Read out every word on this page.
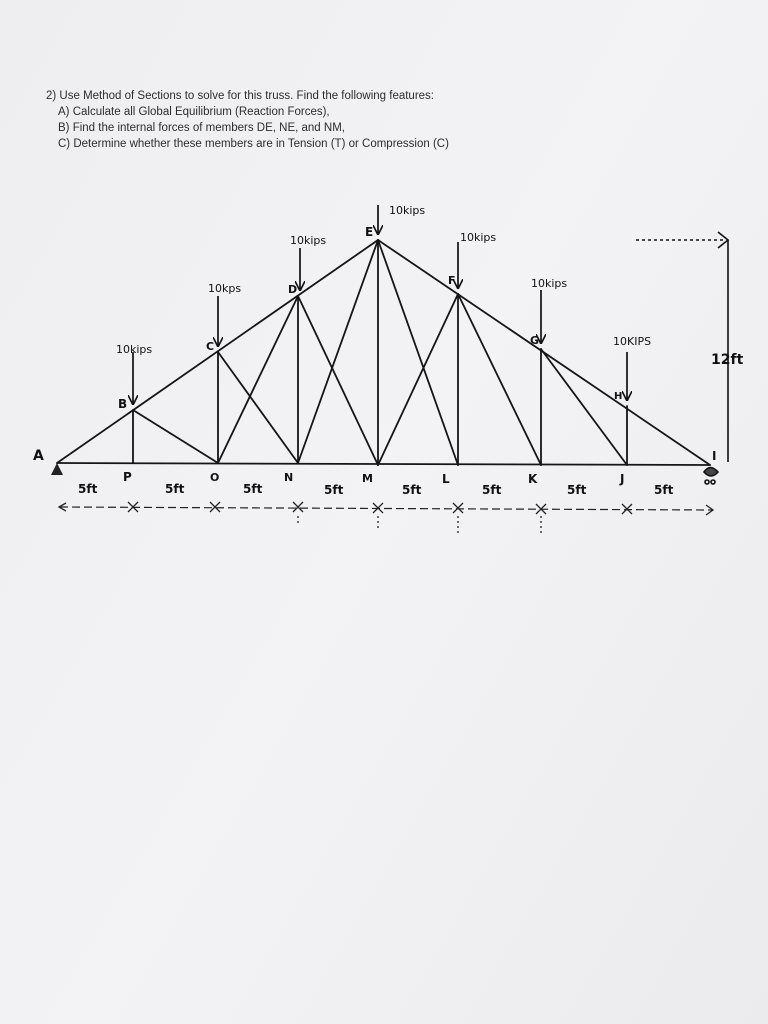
2) Use Method of Sections to solve for this truss. Find the following features:
A) Calculate all Global Equilibrium (Reaction Forces),
B) Find the internal forces of members DE, NE, and NM,
C) Determine whether these members are in Tension (T) or Compression (C)
10kips
10kips	10kips
10kps	10kips
10kips
10KIPS
A
B
C
D
E
F
G
H
I
J
K
L
M
N
O
P
5ft	5ft	5ft	5ft	5ft	5ft	5ft	5ft
12ft
